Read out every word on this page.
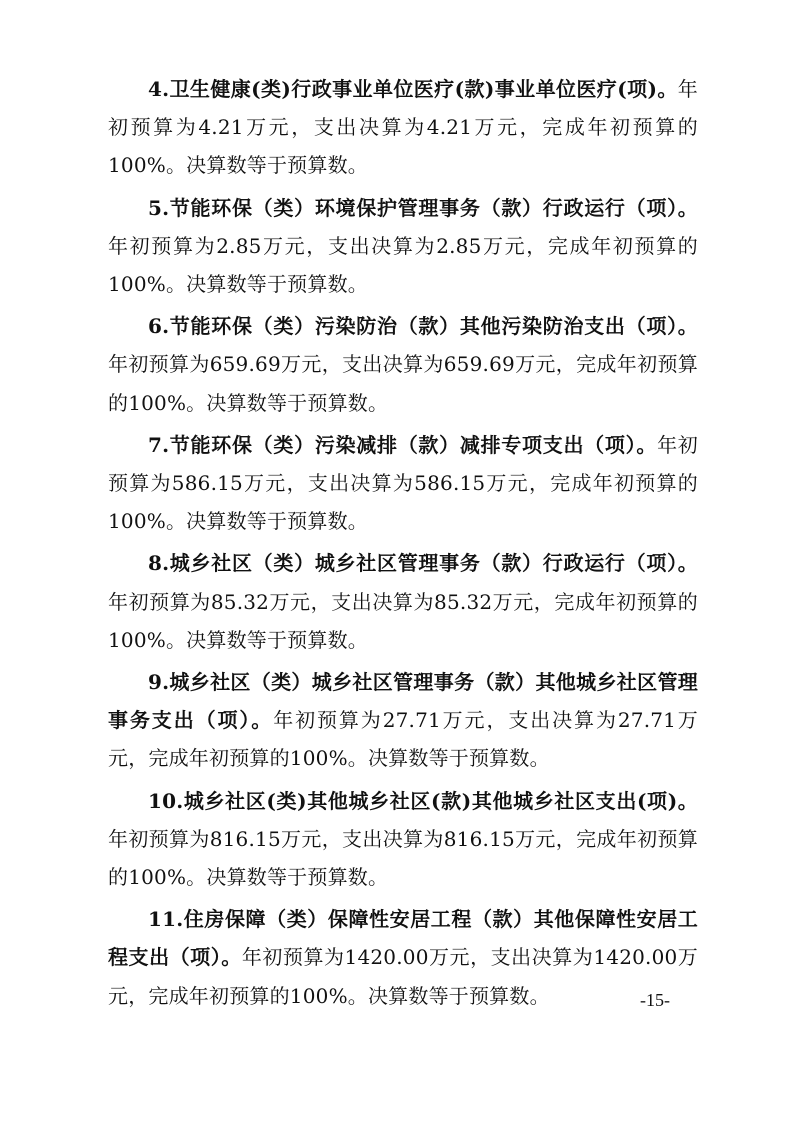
4.卫生健康(类)行政事业单位医疗(款)事业单位医疗(项)。年初预算为4.21万元，支出决算为4.21万元，完成年初预算的100%。决算数等于预算数。

5.节能环保（类）环境保护管理事务（款）行政运行（项）。年初预算为2.85万元，支出决算为2.85万元，完成年初预算的100%。决算数等于预算数。

6.节能环保（类）污染防治（款）其他污染防治支出（项）。年初预算为659.69万元，支出决算为659.69万元，完成年初预算的100%。决算数等于预算数。

7.节能环保（类）污染减排（款）减排专项支出（项）。年初预算为586.15万元，支出决算为586.15万元，完成年初预算的100%。决算数等于预算数。

8.城乡社区（类）城乡社区管理事务（款）行政运行（项）。年初预算为85.32万元，支出决算为85.32万元，完成年初预算的100%。决算数等于预算数。

9.城乡社区（类）城乡社区管理事务（款）其他城乡社区管理事务支出（项）。年初预算为27.71万元，支出决算为27.71万元，完成年初预算的100%。决算数等于预算数。

10.城乡社区(类)其他城乡社区(款)其他城乡社区支出(项)。年初预算为816.15万元，支出决算为816.15万元，完成年初预算的100%。决算数等于预算数。

11.住房保障（类）保障性安居工程（款）其他保障性安居工程支出（项）。年初预算为1420.00万元，支出决算为1420.00万元，完成年初预算的100%。决算数等于预算数。	-15-
